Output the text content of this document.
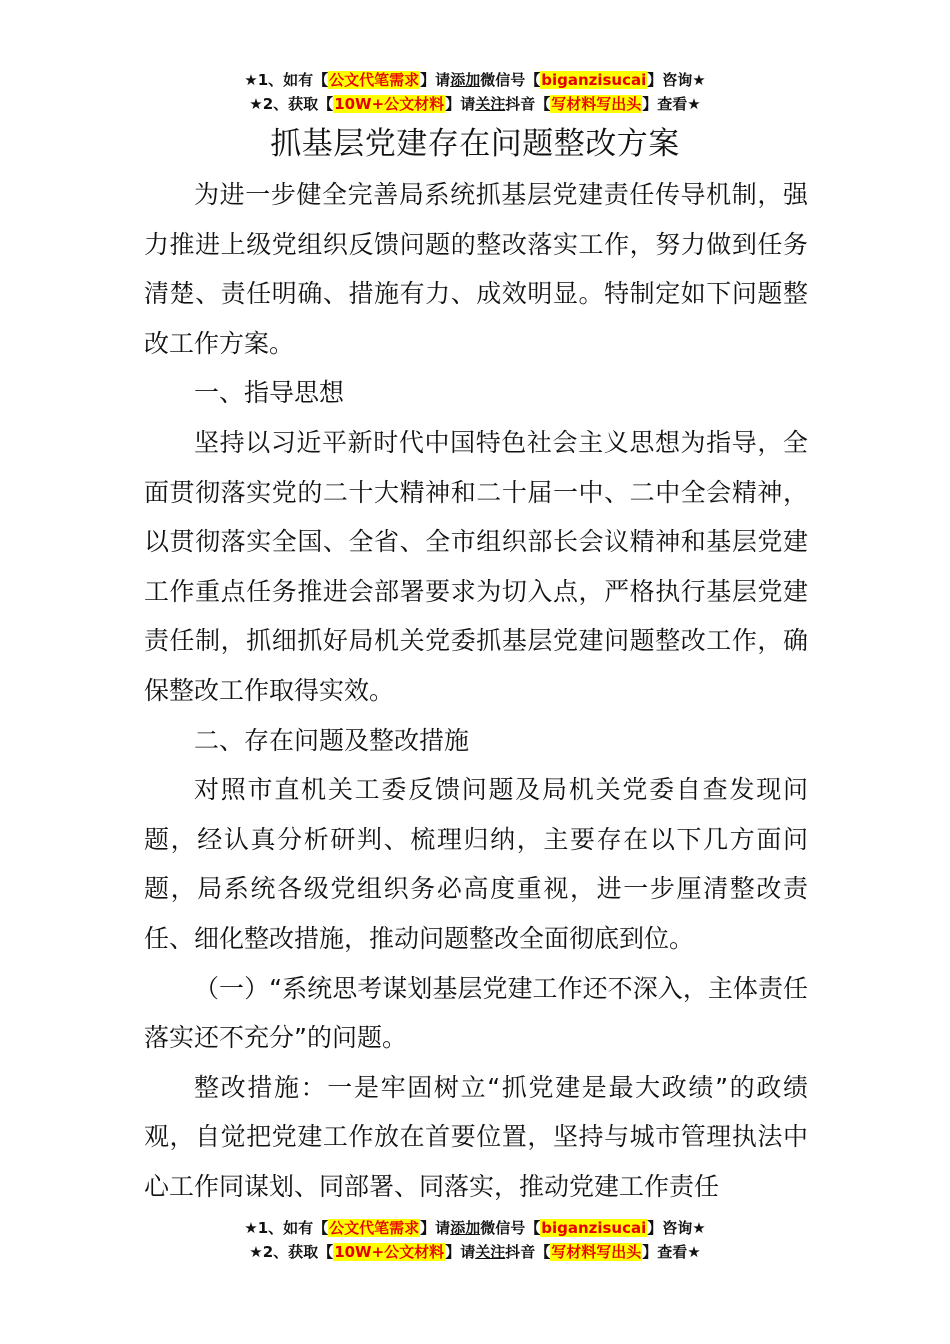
★1、如有【公文代笔需求】请添加微信号【biganzisucai】咨询★
★2、获取【10W+公文材料】请关注抖音【写材料写出头】查看★
抓基层党建存在问题整改方案

为进一步健全完善局系统抓基层党建责任传导机制，强力推进上级党组织反馈问题的整改落实工作，努力做到任务清楚、责任明确、措施有力、成效明显。特制定如下问题整改工作方案。

一、指导思想

坚持以习近平新时代中国特色社会主义思想为指导，全面贯彻落实党的二十大精神和二十届一中、二中全会精神，以贯彻落实全国、全省、全市组织部长会议精神和基层党建工作重点任务推进会部署要求为切入点，严格执行基层党建责任制，抓细抓好局机关党委抓基层党建问题整改工作，确保整改工作取得实效。

二、存在问题及整改措施

对照市直机关工委反馈问题及局机关党委自查发现问题，经认真分析研判、梳理归纳，主要存在以下几方面问题，局系统各级党组织务必高度重视，进一步厘清整改责任、细化整改措施，推动问题整改全面彻底到位。

（一）“系统思考谋划基层党建工作还不深入，主体责任落实还不充分”的问题。

整改措施：一是牢固树立“抓党建是最大政绩”的政绩观，自觉把党建工作放在首要位置，坚持与城市管理执法中心工作同谋划、同部署、同落实，推动党建工作责任

★1、如有【公文代笔需求】请添加微信号【biganzisucai】咨询★
★2、获取【10W+公文材料】请关注抖音【写材料写出头】查看★
